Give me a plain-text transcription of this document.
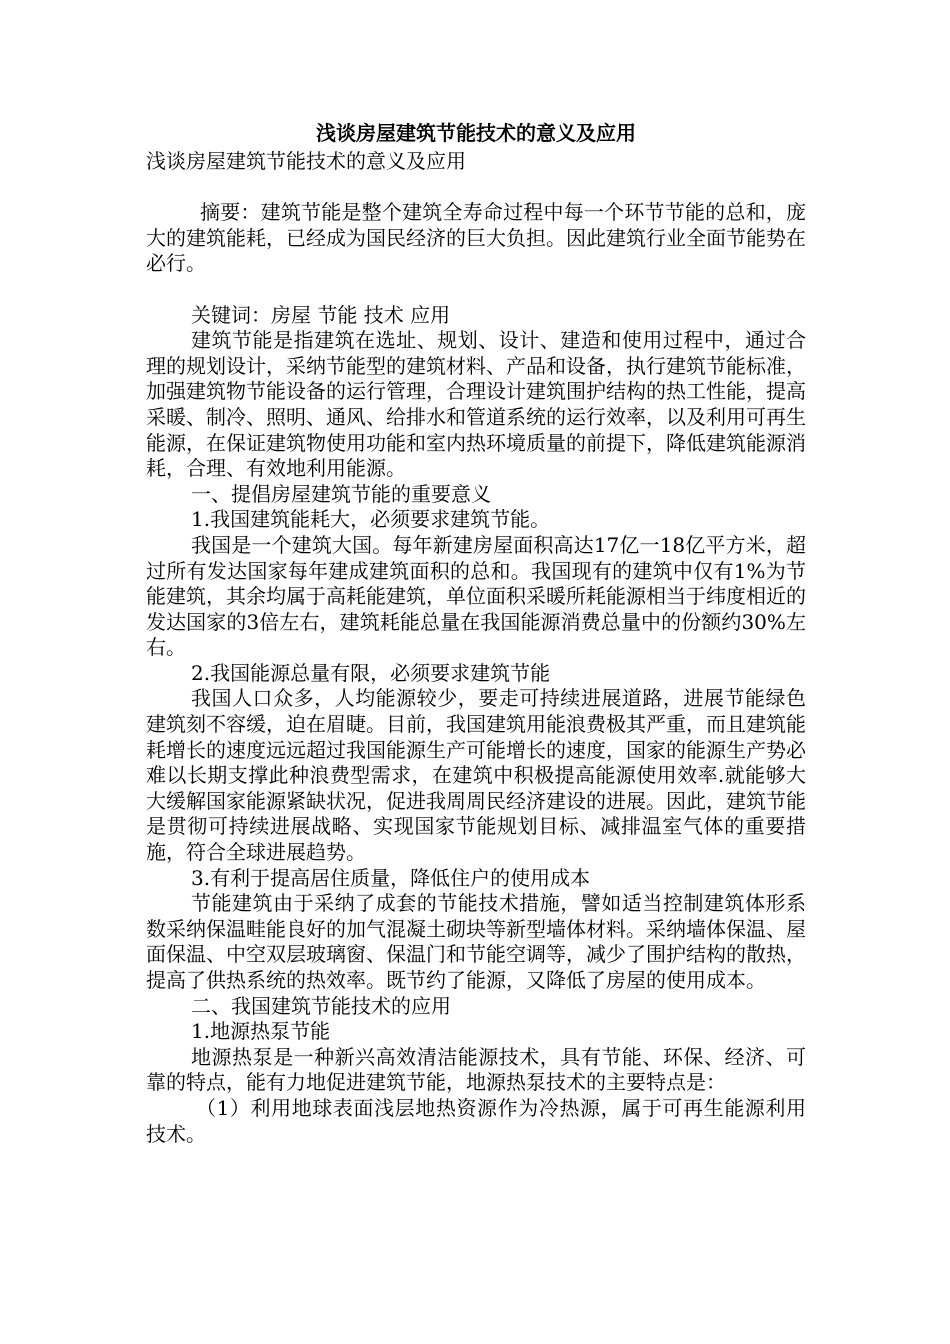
浅谈房屋建筑节能技术的意义及应用

浅谈房屋建筑节能技术的意义及应用

摘要：建筑节能是整个建筑全寿命过程中每一个环节节能的总和，庞大的建筑能耗，已经成为国民经济的巨大负担。因此建筑行业全面节能势在必行。

关键词：房屋 节能 技术 应用

建筑节能是指建筑在选址、规划、设计、建造和使用过程中，通过合理的规划设计，采纳节能型的建筑材料、产品和设备，执行建筑节能标准，加强建筑物节能设备的运行管理，合理设计建筑围护结构的热工性能，提高采暖、制冷、照明、通风、给排水和管道系统的运行效率，以及利用可再生能源，在保证建筑物使用功能和室内热环境质量的前提下，降低建筑能源消耗，合理、有效地利用能源。

一、提倡房屋建筑节能的重要意义

1.我国建筑能耗大，必须要求建筑节能。

我国是一个建筑大国。每年新建房屋面积高达17亿一18亿平方米，超过所有发达国家每年建成建筑面积的总和。我国现有的建筑中仅有1%为节能建筑，其余均属于高耗能建筑，单位面积采暖所耗能源相当于纬度相近的发达国家的3倍左右，建筑耗能总量在我国能源消费总量中的份额约30%左右。

2.我国能源总量有限，必须要求建筑节能

我国人口众多，人均能源较少，要走可持续进展道路，进展节能绿色建筑刻不容缓，迫在眉睫。目前，我国建筑用能浪费极其严重，而且建筑能耗增长的速度远远超过我国能源生产可能增长的速度，国家的能源生产势必难以长期支撑此种浪费型需求，在建筑中积极提高能源使用效率.就能够大大缓解国家能源紧缺状况，促进我周周民经济建设的进展。因此，建筑节能是贯彻可持续进展战略、实现国家节能规划目标、减排温室气体的重要措施，符合全球进展趋势。

3.有利于提高居住质量，降低住户的使用成本

节能建筑由于采纳了成套的节能技术措施，譬如适当控制建筑体形系数采纳保温畦能良好的加气混凝土砌块等新型墙体材料。采纳墙体保温、屋面保温、中空双层玻璃窗、保温门和节能空调等，减少了围护结构的散热，提高了供热系统的热效率。既节约了能源，又降低了房屋的使用成本。

二、我国建筑节能技术的应用

1.地源热泵节能

地源热泵是一种新兴高效清洁能源技术，具有节能、环保、经济、可靠的特点，能有力地促进建筑节能，地源热泵技术的主要特点是：

（1）利用地球表面浅层地热资源作为冷热源，属于可再生能源利用技术。
